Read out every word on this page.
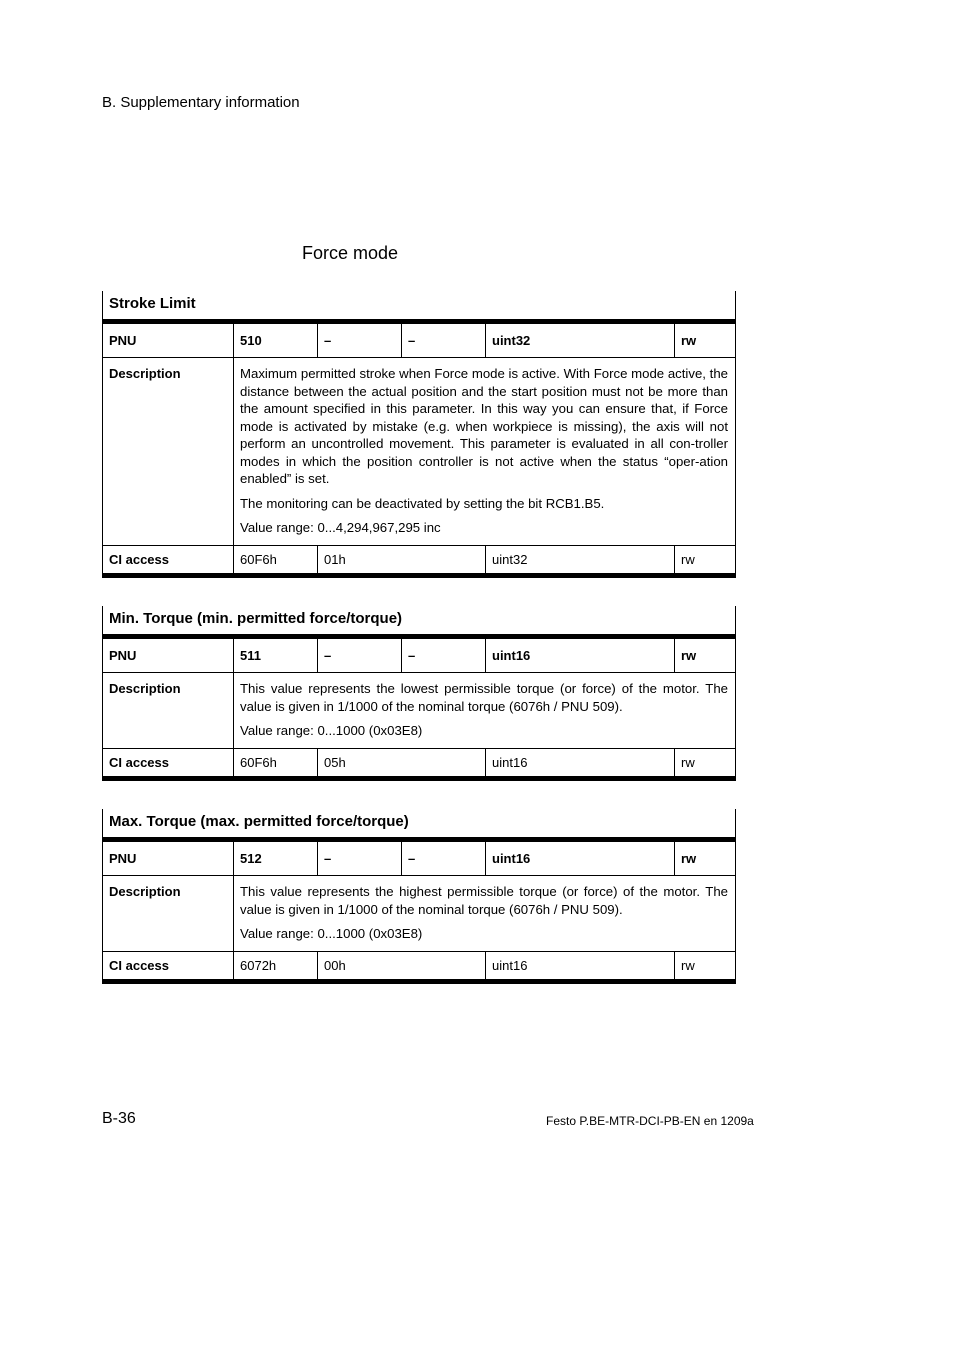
B. Supplementary information
Force mode
Stroke Limit
PNU	510	–	–	uint32	rw
Description	Maximum permitted stroke when Force mode is active. With Force mode active, the distance between the actual position and the start position must not be more than the amount specified in this parameter. In this way you can ensure that, if Force mode is activated by mistake (e.g. when workpiece is missing), the axis will not perform an uncontrolled movement. This parameter is evaluated in all con-troller modes in which the position controller is not active when the status “oper-ation enabled” is set.

The monitoring can be deactivated by setting the bit RCB1.B5.

Value range: 0...4,294,967,295 inc

CI access	60F6h	01h	uint32	rw
Min. Torque (min. permitted force/torque)
PNU	511	–	–	uint16	rw
Description	This value represents the lowest permissible torque (or force) of the motor. The value is given in 1/1000 of the nominal torque (6076h / PNU 509).

Value range: 0...1000 (0x03E8)

CI access	60F6h	05h	uint16	rw
Max. Torque (max. permitted force/torque)
PNU	512	–	–	uint16	rw
Description	This value represents the highest permissible torque (or force) of the motor. The value is given in 1/1000 of the nominal torque (6076h / PNU 509).

Value range: 0...1000 (0x03E8)

CI access	6072h	00h	uint16	rw
B-36	Festo P.BE-MTR-DCI-PB-EN en 1209a
